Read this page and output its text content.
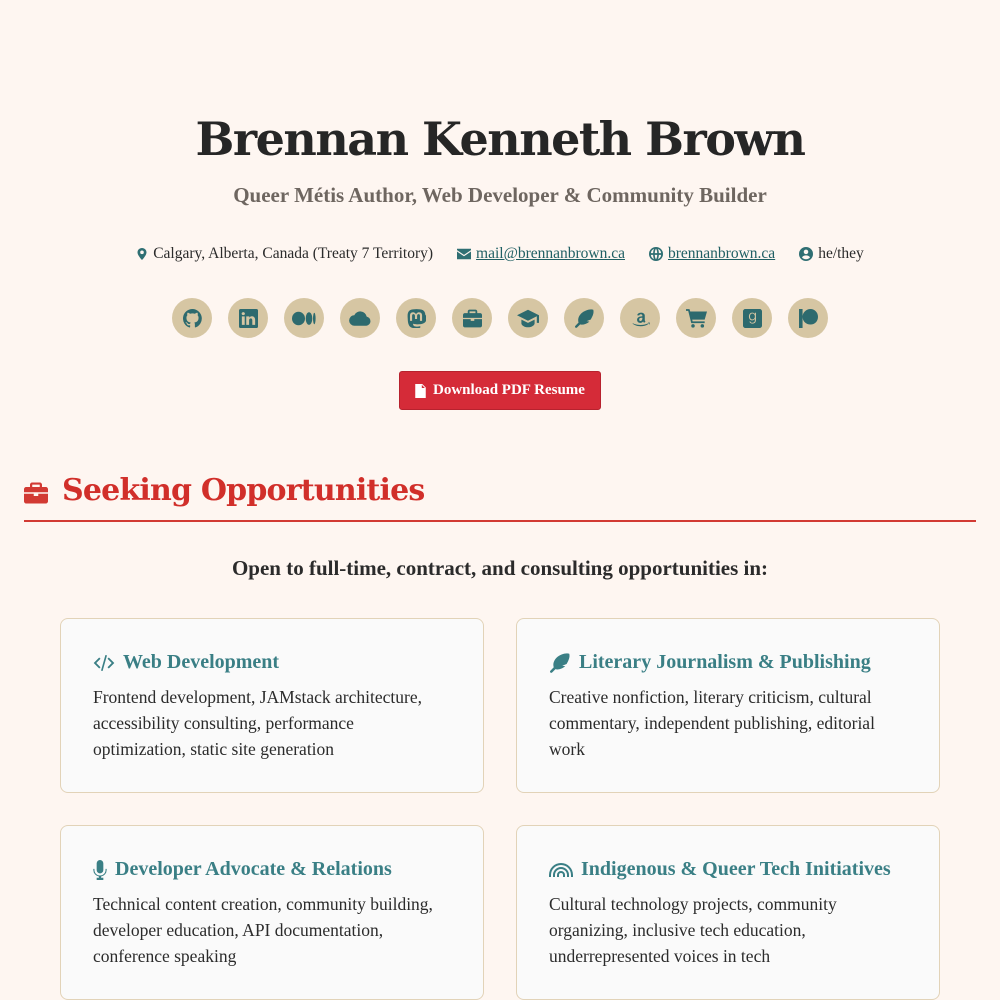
Brennan Kenneth Brown
Queer Métis Author, Web Developer & Community Builder
Calgary, Alberta, Canada (Treaty 7 Territory)	mail@brennanbrown.ca	brennanbrown.ca	he/they
Download PDF Resume
Seeking Opportunities
Open to full-time, contract, and consulting opportunities in:
Web Development
Frontend development, JAMstack architecture, accessibility consulting, performance optimization, static site generation
Literary Journalism & Publishing
Creative nonfiction, literary criticism, cultural commentary, independent publishing, editorial work
Developer Advocate & Relations
Technical content creation, community building, developer education, API documentation, conference speaking
Indigenous & Queer Tech Initiatives
Cultural technology projects, community organizing, inclusive tech education, underrepresented voices in tech
